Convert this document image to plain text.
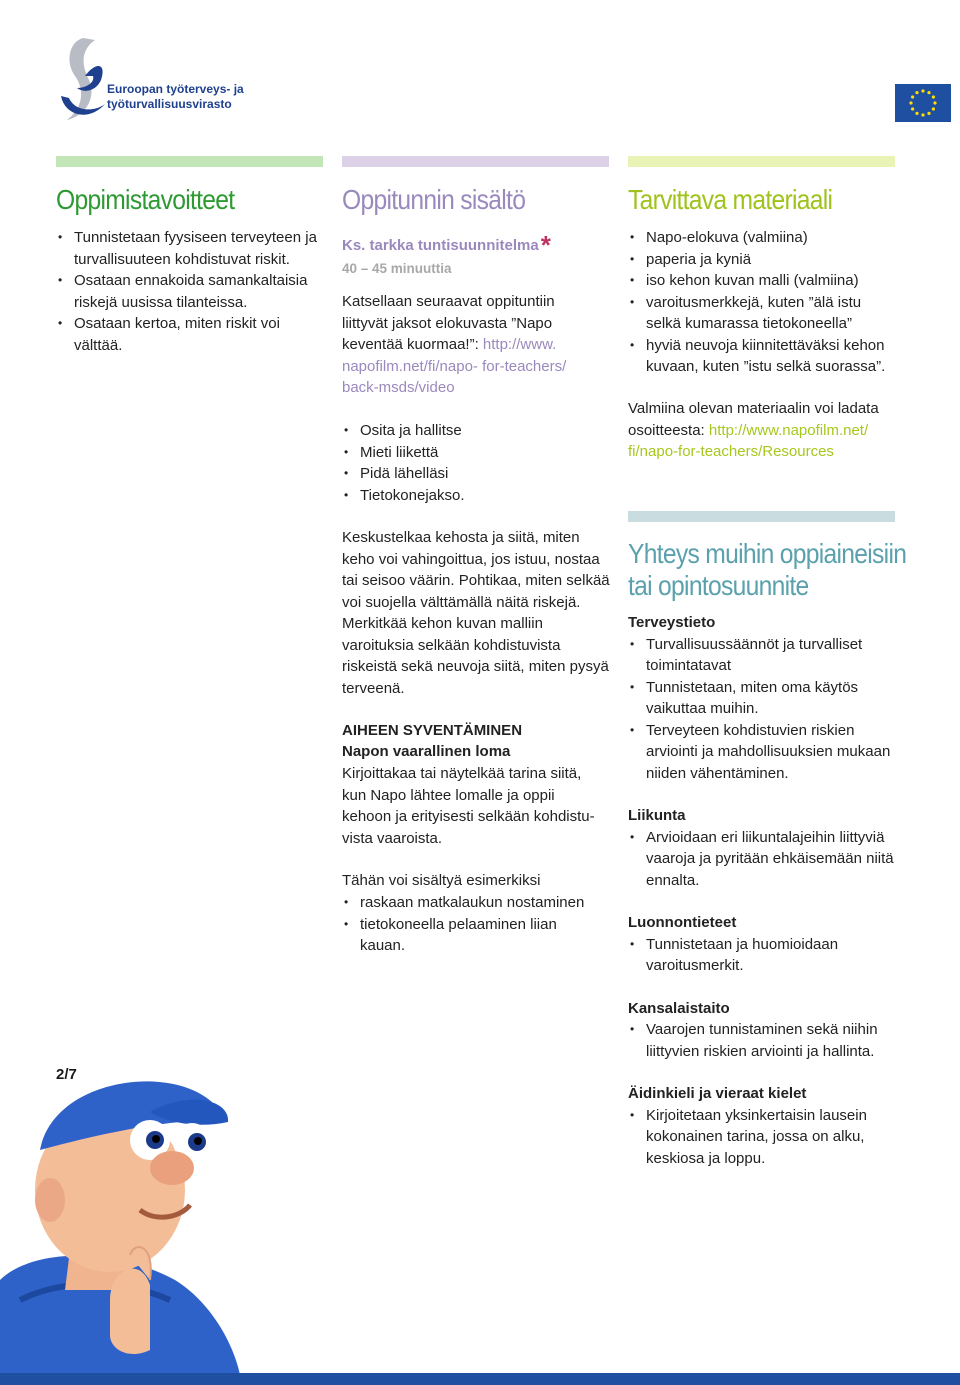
Euroopan työterveys- ja
työturvallisuusvirasto
Oppimistavoitteet
• Tunnistetaan fyysiseen terveyteen ja turvallisuuteen kohdistuvat riskit.
• Osataan ennakoida samankaltaisia riskejä uusissa tilanteissa.
• Osataan kertoa, miten riskit voi välttää.
Oppitunnin sisältö
Ks. tarkka tuntisuunnitelma*
40 – 45 minuuttia
Katsellaan seuraavat oppituntiin liittyvät jaksot elokuvasta ”Napo keventää kuormaa!”: http://www. napofilm.net/fi/napo- for-teachers/ back-msds/video
• Osita ja hallitse
• Mieti liikettä
• Pidä lähelläsi
• Tietokonejakso.
Keskustelkaa kehosta ja siitä, miten keho voi vahingoittua, jos istuu, nostaa tai seisoo väärin. Pohtikaa, miten selkää voi suojella välttämällä näitä riskejä. Merkitkää kehon kuvan malliin varoituksia selkään kohdistuvista riskeistä sekä neuvoja siitä, miten pysyä terveenä.
AIHEEN SYVENTÄMINEN
Napon vaarallinen loma
Kirjoittakaa tai näytelkää tarina siitä, kun Napo lähtee lomalle ja oppii kehoon ja erityisesti selkään kohdistu- vista vaaroista.
Tähän voi sisältyä esimerkiksi
• raskaan matkalaukun nostaminen
• tietokoneella pelaaminen liian kauan.
Tarvittava materiaali
• Napo-elokuva (valmiina)
• paperia ja kyniä
• iso kehon kuvan malli (valmiina)
• varoitusmerkkejä, kuten ”älä istu selkä kumarassa tietokoneella”
• hyviä neuvoja kiinnitettäväksi kehon kuvaan, kuten ”istu selkä suorassa”.
Valmiina olevan materiaalin voi ladata osoitteesta: http://www.napofilm.net/ fi/napo-for-teachers/Resources
Yhteys muihin oppiaineisiin
tai opintosuunnite
Terveystieto
• Turvallisuussäännöt ja turvalliset toimintatavat
• Tunnistetaan, miten oma käytös vaikuttaa muihin.
• Terveyteen kohdistuvien riskien arviointi ja mahdollisuuksien mukaan niiden vähentäminen.
Liikunta
• Arvioidaan eri liikuntalajeihin liittyviä vaaroja ja pyritään ehkäisemään niitä ennalta.
Luonnontieteet
• Tunnistetaan ja huomioidaan varoitusmerkit.
Kansalaistaito
• Vaarojen tunnistaminen sekä niihin liittyvien riskien arviointi ja hallinta.
Äidinkieli ja vieraat kielet
• Kirjoitetaan yksinkertaisin lausein kokonainen tarina, jossa on alku, keskiosa ja loppu.
2/7
